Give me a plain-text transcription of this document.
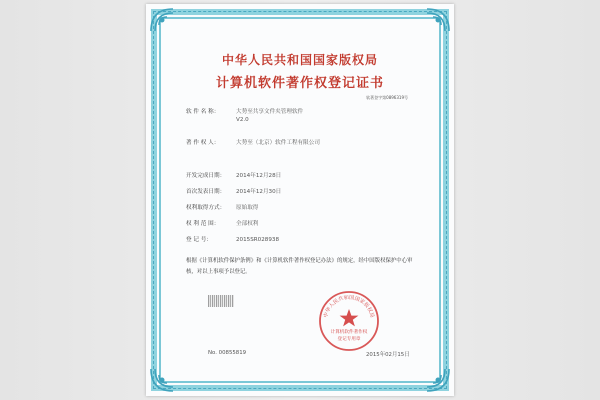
中华人民共和国国家版权局
计算机软件著作权登记证书
软著登字第0896319号
软 件 名 称：	大势至共享文件夹管理软件
V2.0
著 作 权 人：	大势至（北京）软件工程有限公司
开发完成日期： 2014年12月28日
首次发表日期： 2014年12月30日
权利取得方式： 原始取得
权 利 范 围：	全部权利
登 记 号：	2015SR028938
根据《计算机软件保护条例》和《计算机软件著作权登记办法》的规定，经中国版权保护中心审核，对以上事项予以登记。
中华人民共和国国家版权局
计算机软件著作权
登记专用章
No. 00855819	2015年02月15日
